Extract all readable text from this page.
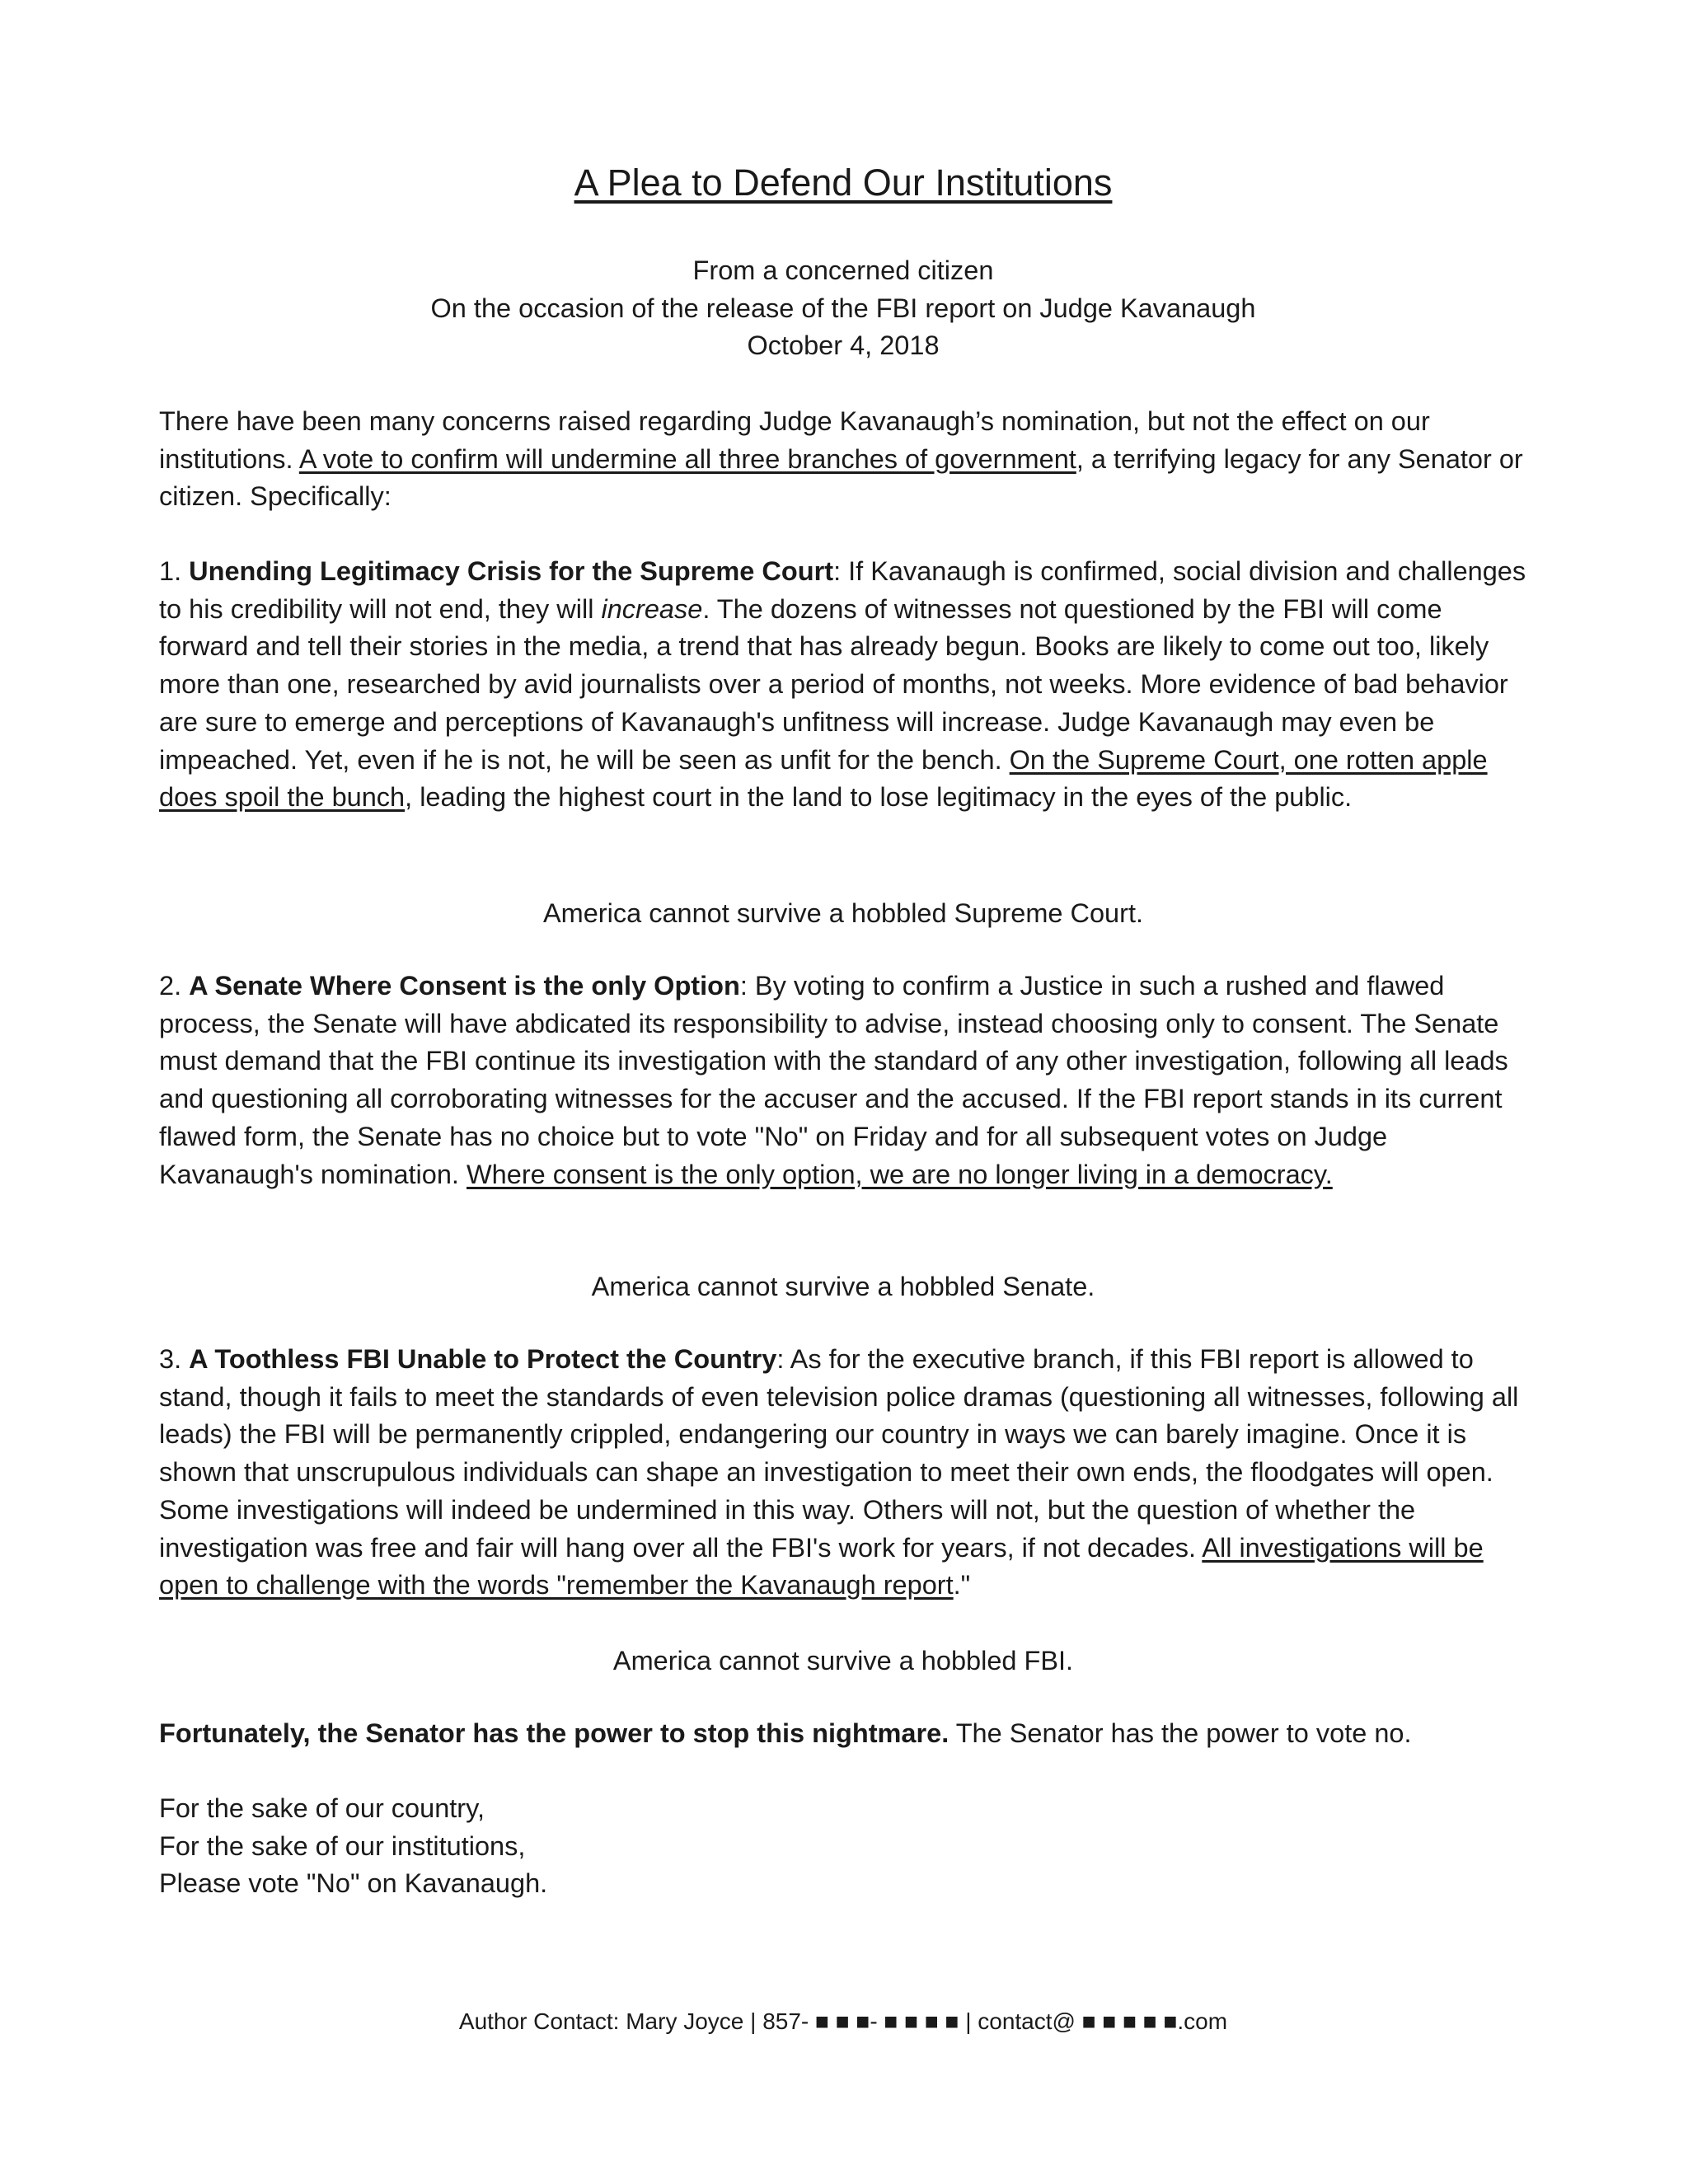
A Plea to Defend Our Institutions
From a concerned citizen
On the occasion of the release of the FBI report on Judge Kavanaugh
October 4, 2018

There have been many concerns raised regarding Judge Kavanaugh’s nomination, but not the effect on our institutions. A vote to confirm will undermine all three branches of government, a terrifying legacy for any Senator or citizen. Specifically:

1. Unending Legitimacy Crisis for the Supreme Court: If Kavanaugh is confirmed, social division and challenges to his credibility will not end, they will increase. The dozens of witnesses not questioned by the FBI will come forward and tell their stories in the media, a trend that has already begun. Books are likely to come out too, likely more than one, researched by avid journalists over a period of months, not weeks. More evidence of bad behavior are sure to emerge and perceptions of Kavanaugh's unfitness will increase. Judge Kavanaugh may even be impeached. Yet, even if he is not, he will be seen as unfit for the bench. On the Supreme Court, one rotten apple does spoil the bunch, leading the highest court in the land to lose legitimacy in the eyes of the public.

America cannot survive a hobbled Supreme Court.

2. A Senate Where Consent is the only Option: By voting to confirm a Justice in such a rushed and flawed process, the Senate will have abdicated its responsibility to advise, instead choosing only to consent. The Senate must demand that the FBI continue its investigation with the standard of any other investigation, following all leads and questioning all corroborating witnesses for the accuser and the accused. If the FBI report stands in its current flawed form, the Senate has no choice but to vote "No" on Friday and for all subsequent votes on Judge Kavanaugh's nomination. Where consent is the only option, we are no longer living in a democracy.

America cannot survive a hobbled Senate.

3. A Toothless FBI Unable to Protect the Country: As for the executive branch, if this FBI report is allowed to stand, though it fails to meet the standards of even television police dramas (questioning all witnesses, following all leads) the FBI will be permanently crippled, endangering our country in ways we can barely imagine. Once it is shown that unscrupulous individuals can shape an investigation to meet their own ends, the floodgates will open. Some investigations will indeed be undermined in this way. Others will not, but the question of whether the investigation was free and fair will hang over all the FBI's work for years, if not decades. All investigations will be open to challenge with the words "remember the Kavanaugh report."

America cannot survive a hobbled FBI.

Fortunately, the Senator has the power to stop this nightmare. The Senator has the power to vote no.

For the sake of our country,
For the sake of our institutions,
Please vote "No" on Kavanaugh.
Author Contact: Mary Joyce | 857- ■ ■ ■- ■ ■ ■ ■ | contact@ ■ ■ ■ ■ ■.com
